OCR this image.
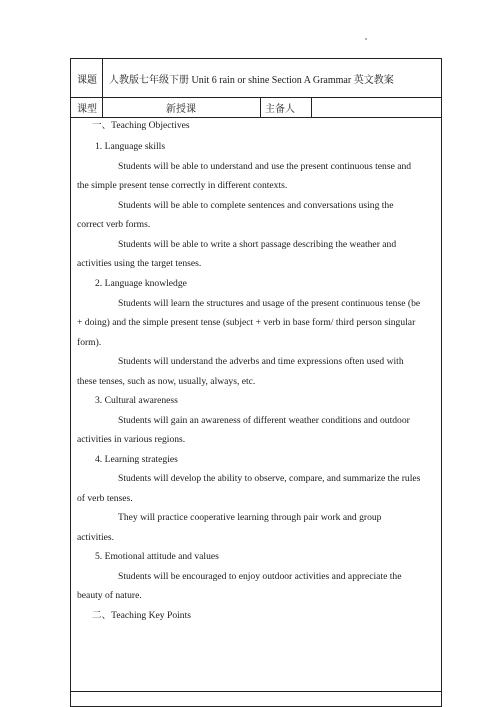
课题 人教版七年级下册 Unit 6 rain or shine Section A Grammar 英文教案
课型	新授课	主备人
一、Teaching Objectives
1. Language skills
Students will be able to understand and use the present continuous tense and
the simple present tense correctly in different contexts.
Students will be able to complete sentences and conversations using the
correct verb forms.
Students will be able to write a short passage describing the weather and
activities using the target tenses.
2. Language knowledge
Students will learn the structures and usage of the present continuous tense (be
+ doing) and the simple present tense (subject + verb in base form/ third person singular
form).
Students will understand the adverbs and time expressions often used with
these tenses, such as now, usually, always, etc.
3. Cultural awareness
Students will gain an awareness of different weather conditions and outdoor
activities in various regions.
4. Learning strategies
Students will develop the ability to observe, compare, and summarize the rules
of verb tenses.
They will practice cooperative learning through pair work and group
activities.
5. Emotional attitude and values
Students will be encouraged to enjoy outdoor activities and appreciate the
beauty of nature.
二、Teaching Key Points
